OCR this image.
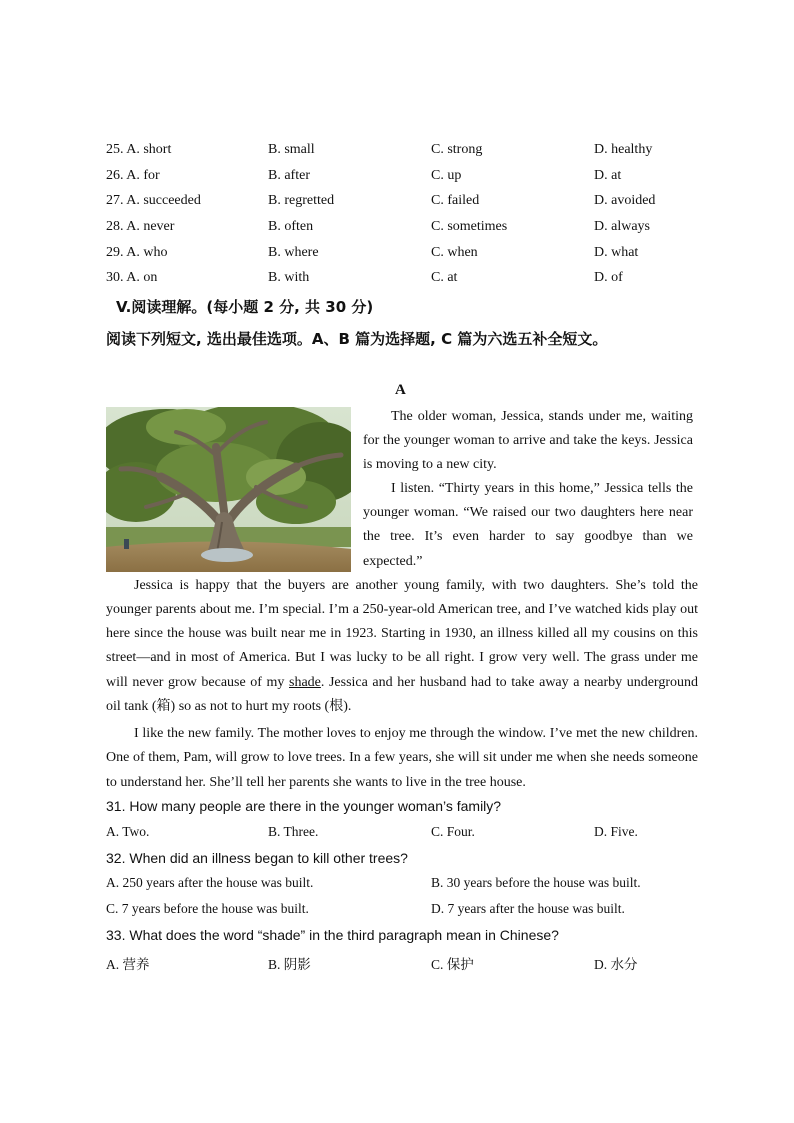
25. A. short	B. small	C. strong	D. healthy
26. A. for	B. after	C. up	D. at
27. A. succeeded	B. regretted	C. failed	D. avoided
28. A. never	B. often	C. sometimes	D. always
29. A. who	B. where	C. when	D. what
30. A. on	B. with	C. at	D. of
V.阅读理解。(每小题 2 分, 共 30 分)
阅读下列短文, 选出最佳选项。A、B 篇为选择题, C 篇为六选五补全短文。
A
The older woman, Jessica, stands under me, waiting
for the younger woman to arrive and take the keys. Jessica
is moving to a new city.
I listen. “Thirty years in this home,” Jessica tells the
younger woman. “We raised our two daughters here near
the tree. It’s even harder to say goodbye than we
expected.”
Jessica is happy that the buyers are another young family, with two daughters. She’s told the
younger parents about me. I’m special. I’m a 250-year-old American tree, and I’ve watched kids play out
here since the house was built near me in 1923. Starting in 1930, an illness killed all my cousins on this
street—and in most of America. But I was lucky to be all right. I grow very well. The grass under me
will never grow because of my shade. Jessica and her husband had to take away a nearby underground
oil tank (箱) so as not to hurt my roots (根).
I like the new family. The mother loves to enjoy me through the window. I’ve met the new children.
One of them, Pam, will grow to love trees. In a few years, she will sit under me when she needs someone
to understand her. She’ll tell her parents she wants to live in the tree house.
31. How many people are there in the younger woman’s family?
A. Two.	B. Three.	C. Four.	D. Five.
32. When did an illness began to kill other trees?
A. 250 years after the house was built.	B. 30 years before the house was built.
C. 7 years before the house was built.	D. 7 years after the house was built.
33. What does the word “shade” in the third paragraph mean in Chinese?
A. 营养	B. 阴影	C. 保护	D. 水分
